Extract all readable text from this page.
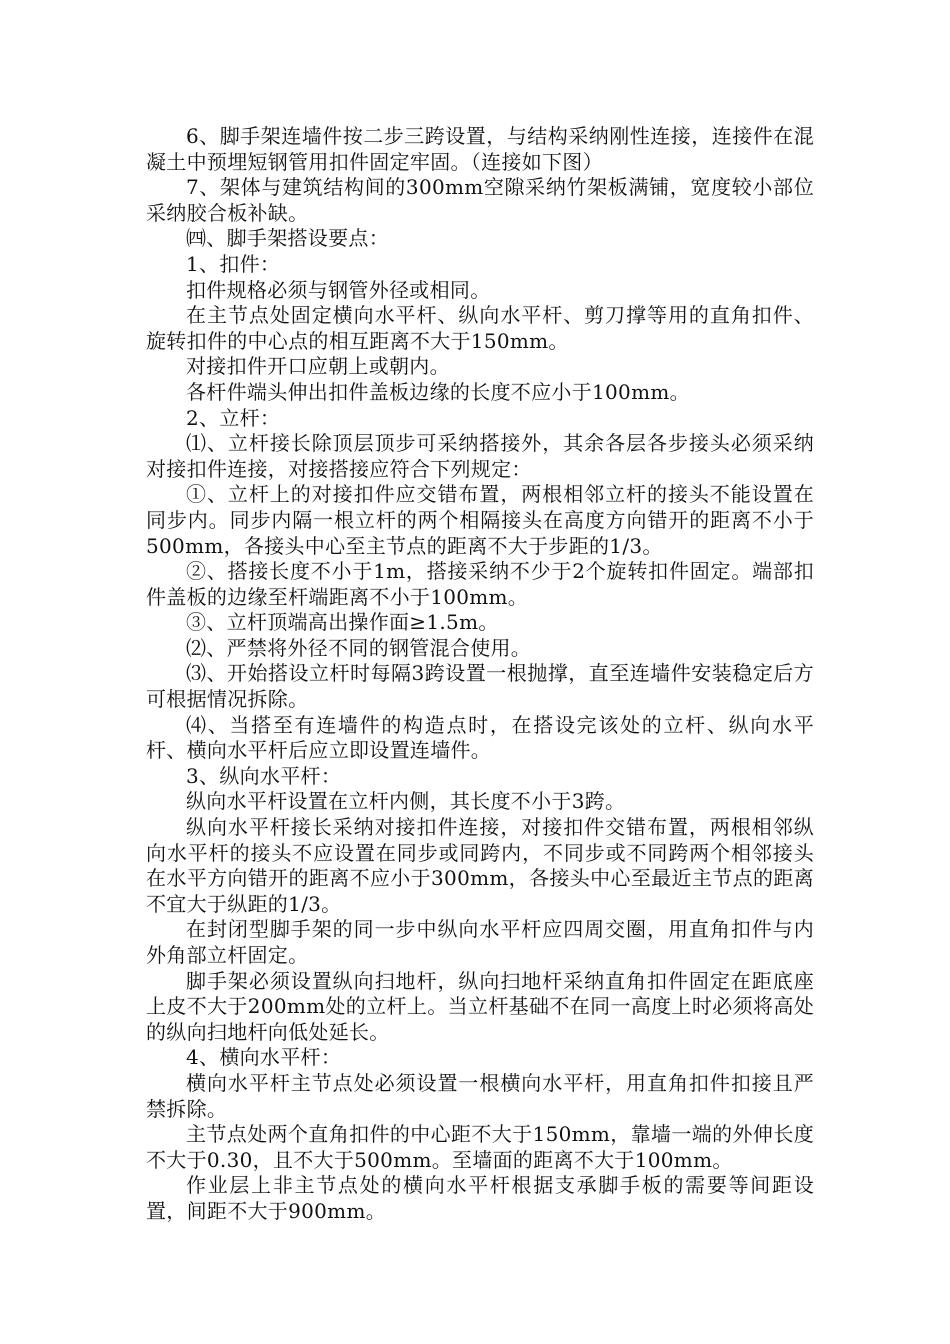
6、脚手架连墙件按二步三跨设置，与结构采纳刚性连接，连接件在混凝土中预埋短钢管用扣件固定牢固。（连接如下图）

7、架体与建筑结构间的300mm空隙采纳竹架板满铺，宽度较小部位采纳胶合板补缺。

㈣、脚手架搭设要点：

1、扣件：

扣件规格必须与钢管外径或相同。

在主节点处固定横向水平杆、纵向水平杆、剪刀撑等用的直角扣件、旋转扣件的中心点的相互距离不大于150mm。

对接扣件开口应朝上或朝内。

各杆件端头伸出扣件盖板边缘的长度不应小于100mm。

2、立杆：

⑴、立杆接长除顶层顶步可采纳搭接外，其余各层各步接头必须采纳对接扣件连接，对接搭接应符合下列规定：

①、立杆上的对接扣件应交错布置，两根相邻立杆的接头不能设置在同步内。同步内隔一根立杆的两个相隔接头在高度方向错开的距离不小于500mm，各接头中心至主节点的距离不大于步距的1/3。

②、搭接长度不小于1m，搭接采纳不少于2个旋转扣件固定。端部扣件盖板的边缘至杆端距离不小于100mm。

③、立杆顶端高出操作面≥1.5m。

⑵、严禁将外径不同的钢管混合使用。

⑶、开始搭设立杆时每隔3跨设置一根抛撑，直至连墙件安装稳定后方可根据情况拆除。

⑷、当搭至有连墙件的构造点时，在搭设完该处的立杆、纵向水平杆、横向水平杆后应立即设置连墙件。

3、纵向水平杆：

纵向水平杆设置在立杆内侧，其长度不小于3跨。

纵向水平杆接长采纳对接扣件连接，对接扣件交错布置，两根相邻纵向水平杆的接头不应设置在同步或同跨内，不同步或不同跨两个相邻接头在水平方向错开的距离不应小于300mm，各接头中心至最近主节点的距离不宜大于纵距的1/3。

在封闭型脚手架的同一步中纵向水平杆应四周交圈，用直角扣件与内外角部立杆固定。

脚手架必须设置纵向扫地杆，纵向扫地杆采纳直角扣件固定在距底座上皮不大于200mm处的立杆上。当立杆基础不在同一高度上时必须将高处的纵向扫地杆向低处延长。

4、横向水平杆：

横向水平杆主节点处必须设置一根横向水平杆，用直角扣件扣接且严禁拆除。

主节点处两个直角扣件的中心距不大于150mm，靠墙一端的外伸长度不大于0.30，且不大于500mm。至墙面的距离不大于100mm。

作业层上非主节点处的横向水平杆根据支承脚手板的需要等间距设置，间距不大于900mm。
